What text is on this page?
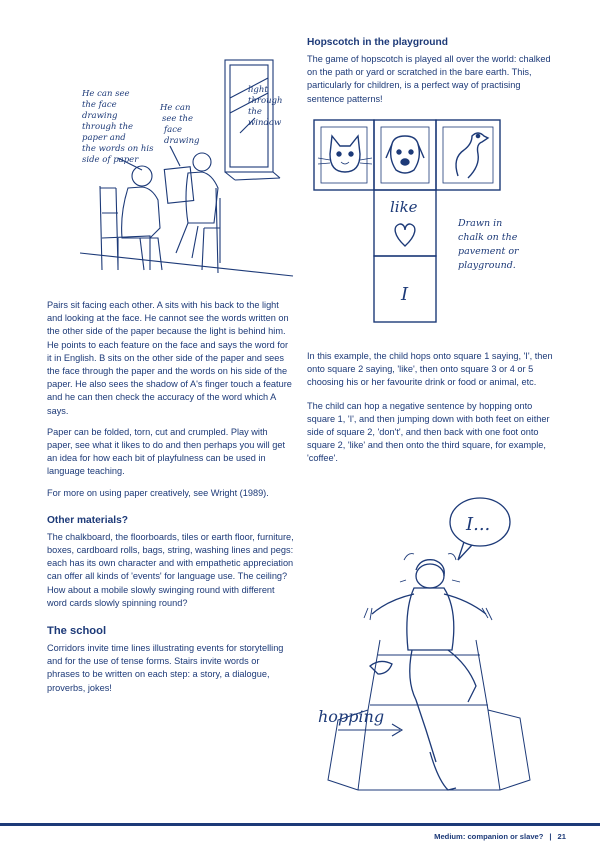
He can see
the face
drawing
through the
paper and
the words on his
side of paper
He can
see the
face
drawing
light
through
the
window

Pairs sit facing each other. A sits with his back to the light and looking at the face. He cannot see the words written on the other side of the paper because the light is behind him. He points to each feature on the face and says the word for it in English. B sits on the other side of the paper and sees the face through the paper and the words on his side of the paper. He also sees the shadow of A's finger touch a feature and he can then check the accuracy of the word which A says.

Paper can be folded, torn, cut and crumpled. Play with paper, see what it likes to do and then perhaps you will get an idea for how each bit of playfulness can be used in language teaching.

For more on using paper creatively, see Wright (1989).

Other materials?

The chalkboard, the floorboards, tiles or earth floor, furniture, boxes, cardboard rolls, bags, string, washing lines and pegs: each has its own character and with empathetic appreciation can offer all kinds of 'events' for language use. The ceiling? How about a mobile slowly swinging round with different word cards slowly spinning round?

The school

Corridors invite time lines illustrating events for storytelling and for the use of tense forms. Stairs invite words or phrases to be written on each step: a story, a dialogue, proverbs, jokes!

Hopscotch in the playground

The game of hopscotch is played all over the world: chalked on the path or yard or scratched in the bare earth. This, particularly for children, is a perfect way of practising sentence patterns!

like
I
Drawn in
chalk on the
pavement or
playground.

In this example, the child hops onto square 1 saying, 'I', then onto square 2 saying, 'like', then onto square 3 or 4 or 5 choosing his or her favourite drink or food or animal, etc.

The child can hop a negative sentence by hopping onto square 1, 'I', and then jumping down with both feet on either side of square 2, 'don't', and then back with one foot onto square 2, 'like' and then onto the third square, for example, 'coffee'.

I...
hopping
Medium: companion or slave? | 21
